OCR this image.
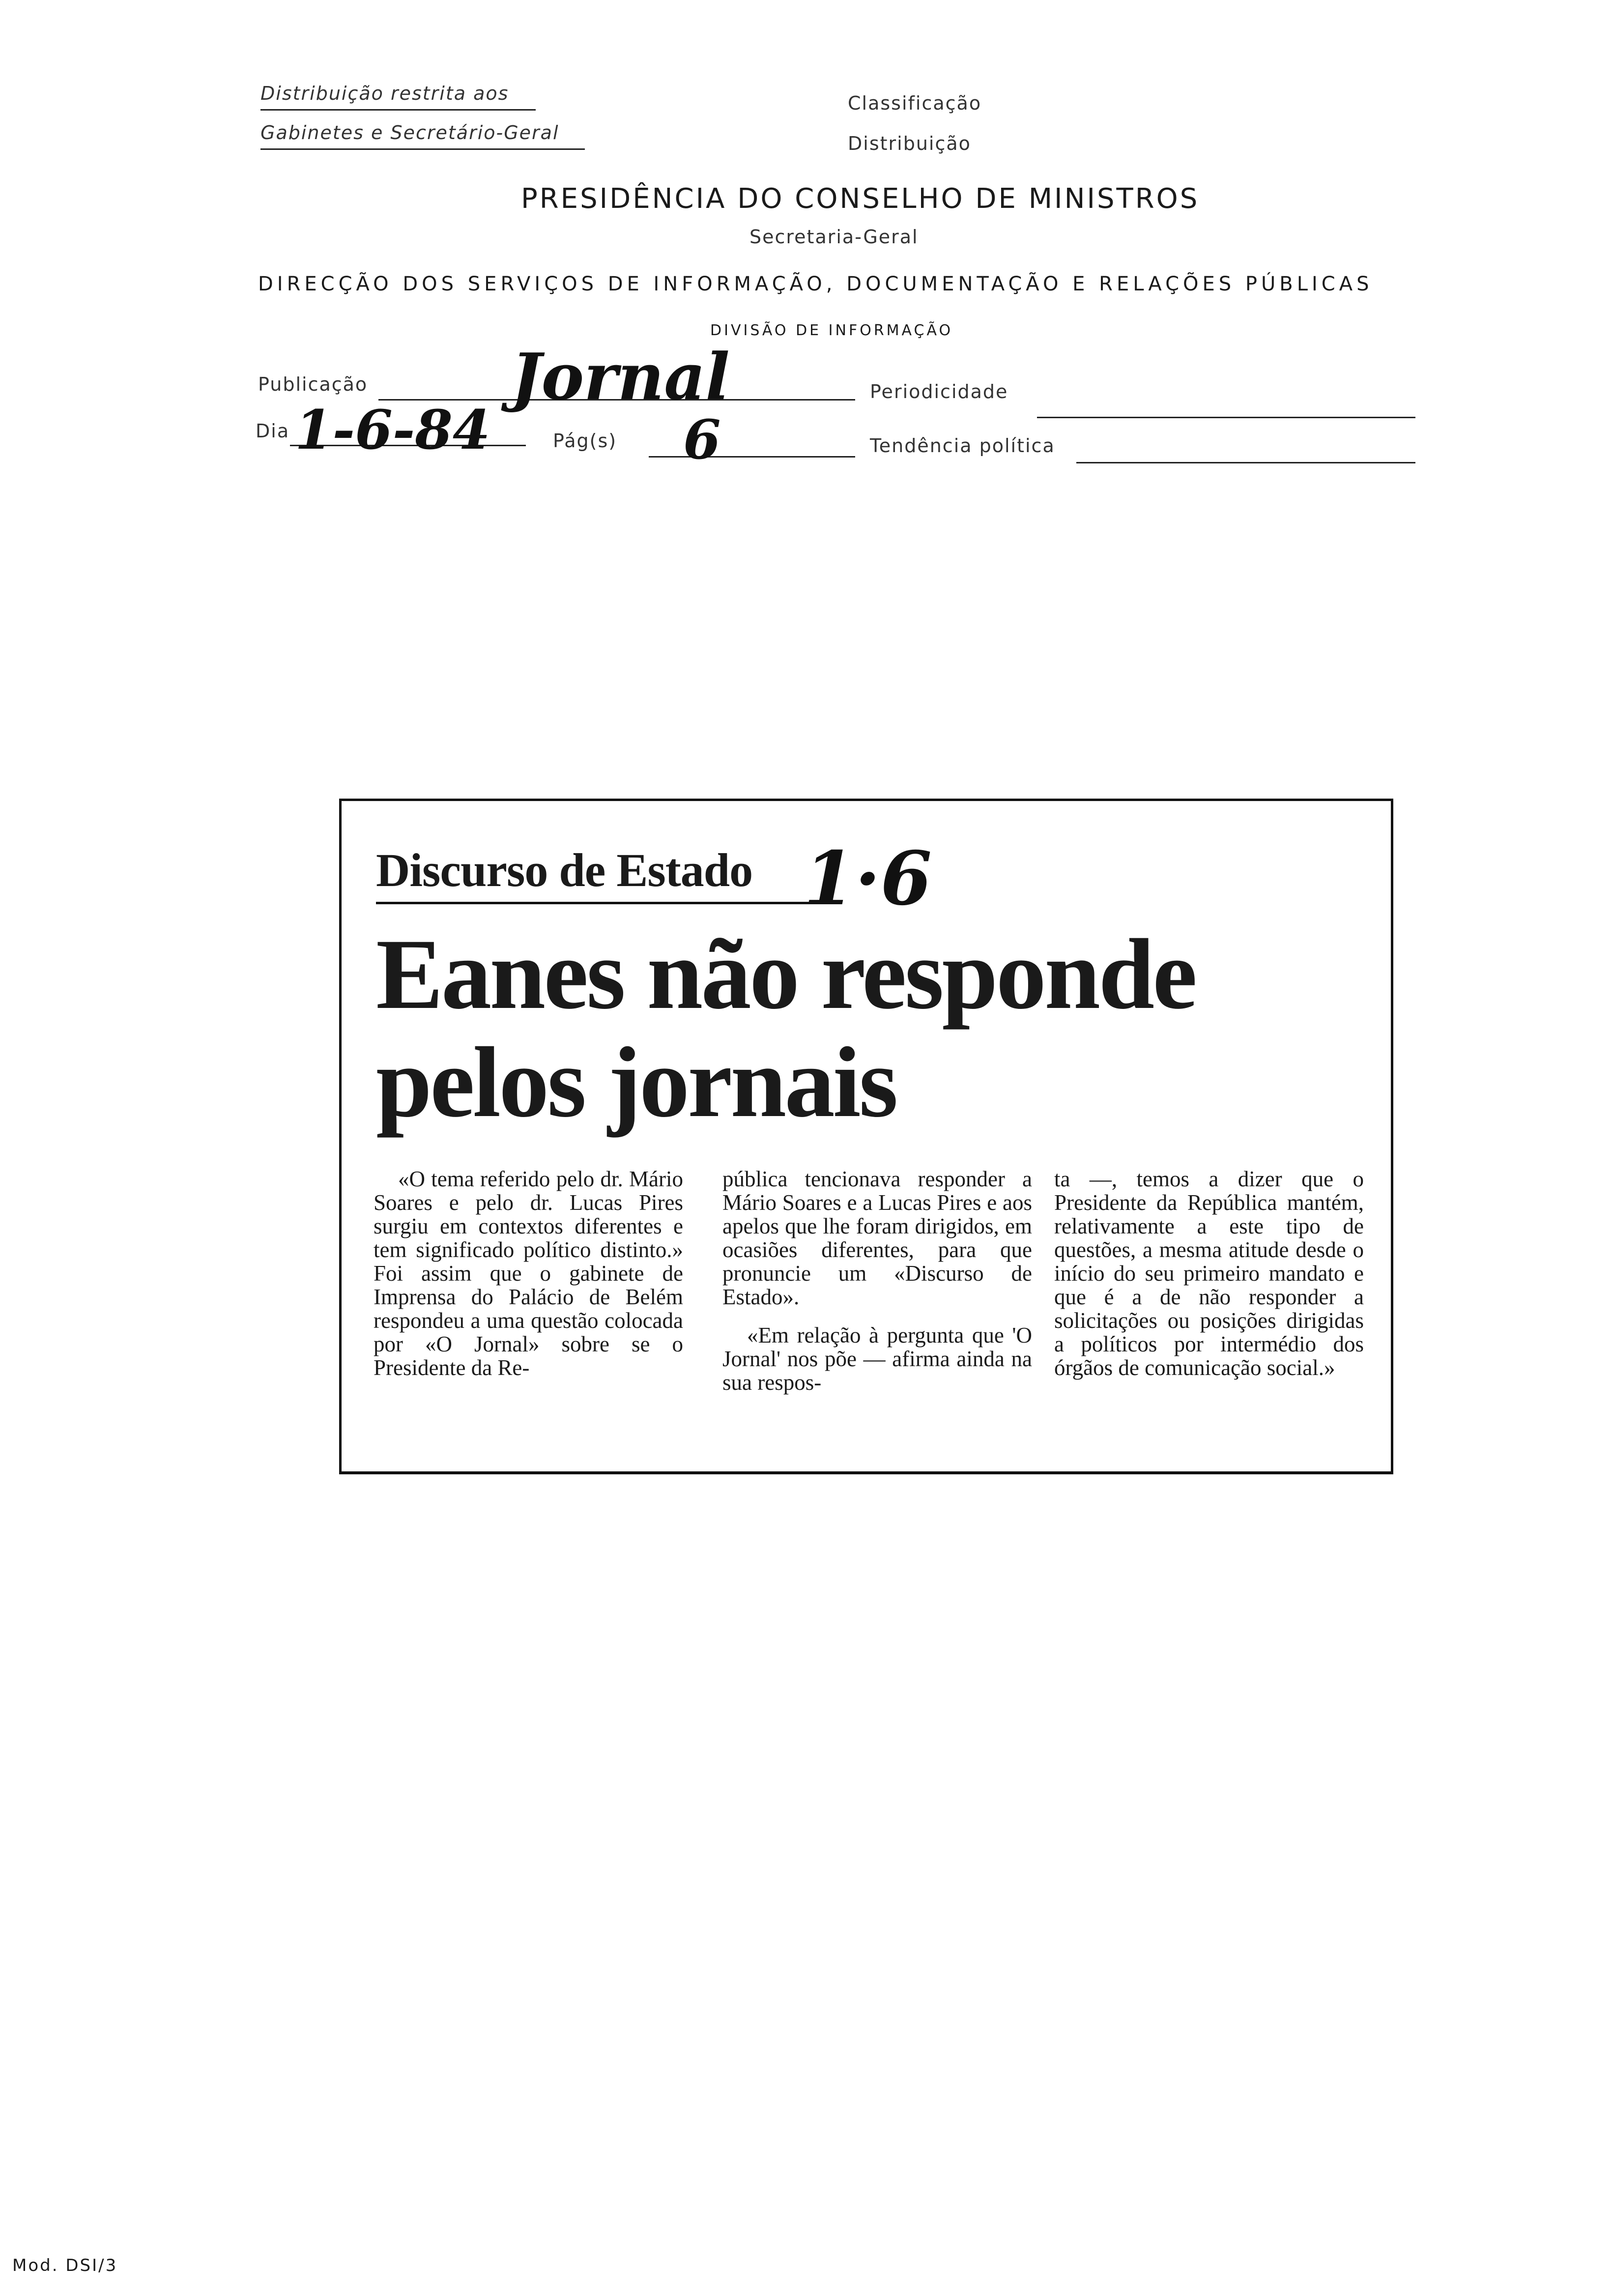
Distribuição restrita aos
Gabinetes e Secretário-Geral
Classificação
Distribuição
PRESIDÊNCIA DO CONSELHO DE MINISTROS
Secretaria-Geral
DIRECÇÃO DOS SERVIÇOS DE INFORMAÇÃO, DOCUMENTAÇÃO E RELAÇÕES PÚBLICAS
DIVISÃO DE INFORMAÇÃO
Publicação Jornal	Periodicidade
Dia 1-6-84	Pág(s) 6	Tendência política
Discurso de Estado 1·6
Eanes não responde
pelos jornais

«O tema referido pelo dr. Mário Soares e pelo dr. Lucas Pires surgiu em contextos diferentes e tem significado político distinto.» Foi assim que o gabinete de Imprensa do Palácio de Belém respondeu a uma questão colocada por «O Jornal» sobre se o Presidente da Re-

pública tencionava responder a Mário Soares e a Lucas Pires e aos apelos que lhe foram dirigidos, em ocasiões diferentes, para que pronuncie um «Discurso de Estado».

«Em relação à pergunta que 'O Jornal' nos põe — afirma ainda na sua respos-

ta —, temos a dizer que o Presidente da República mantém, relativamente a este tipo de questões, a mesma atitude desde o início do seu primeiro mandato e que é a de não responder a solicitações ou posições dirigidas a políticos por intermédio dos órgãos de comunicação social.»

Mod. DSI/3
